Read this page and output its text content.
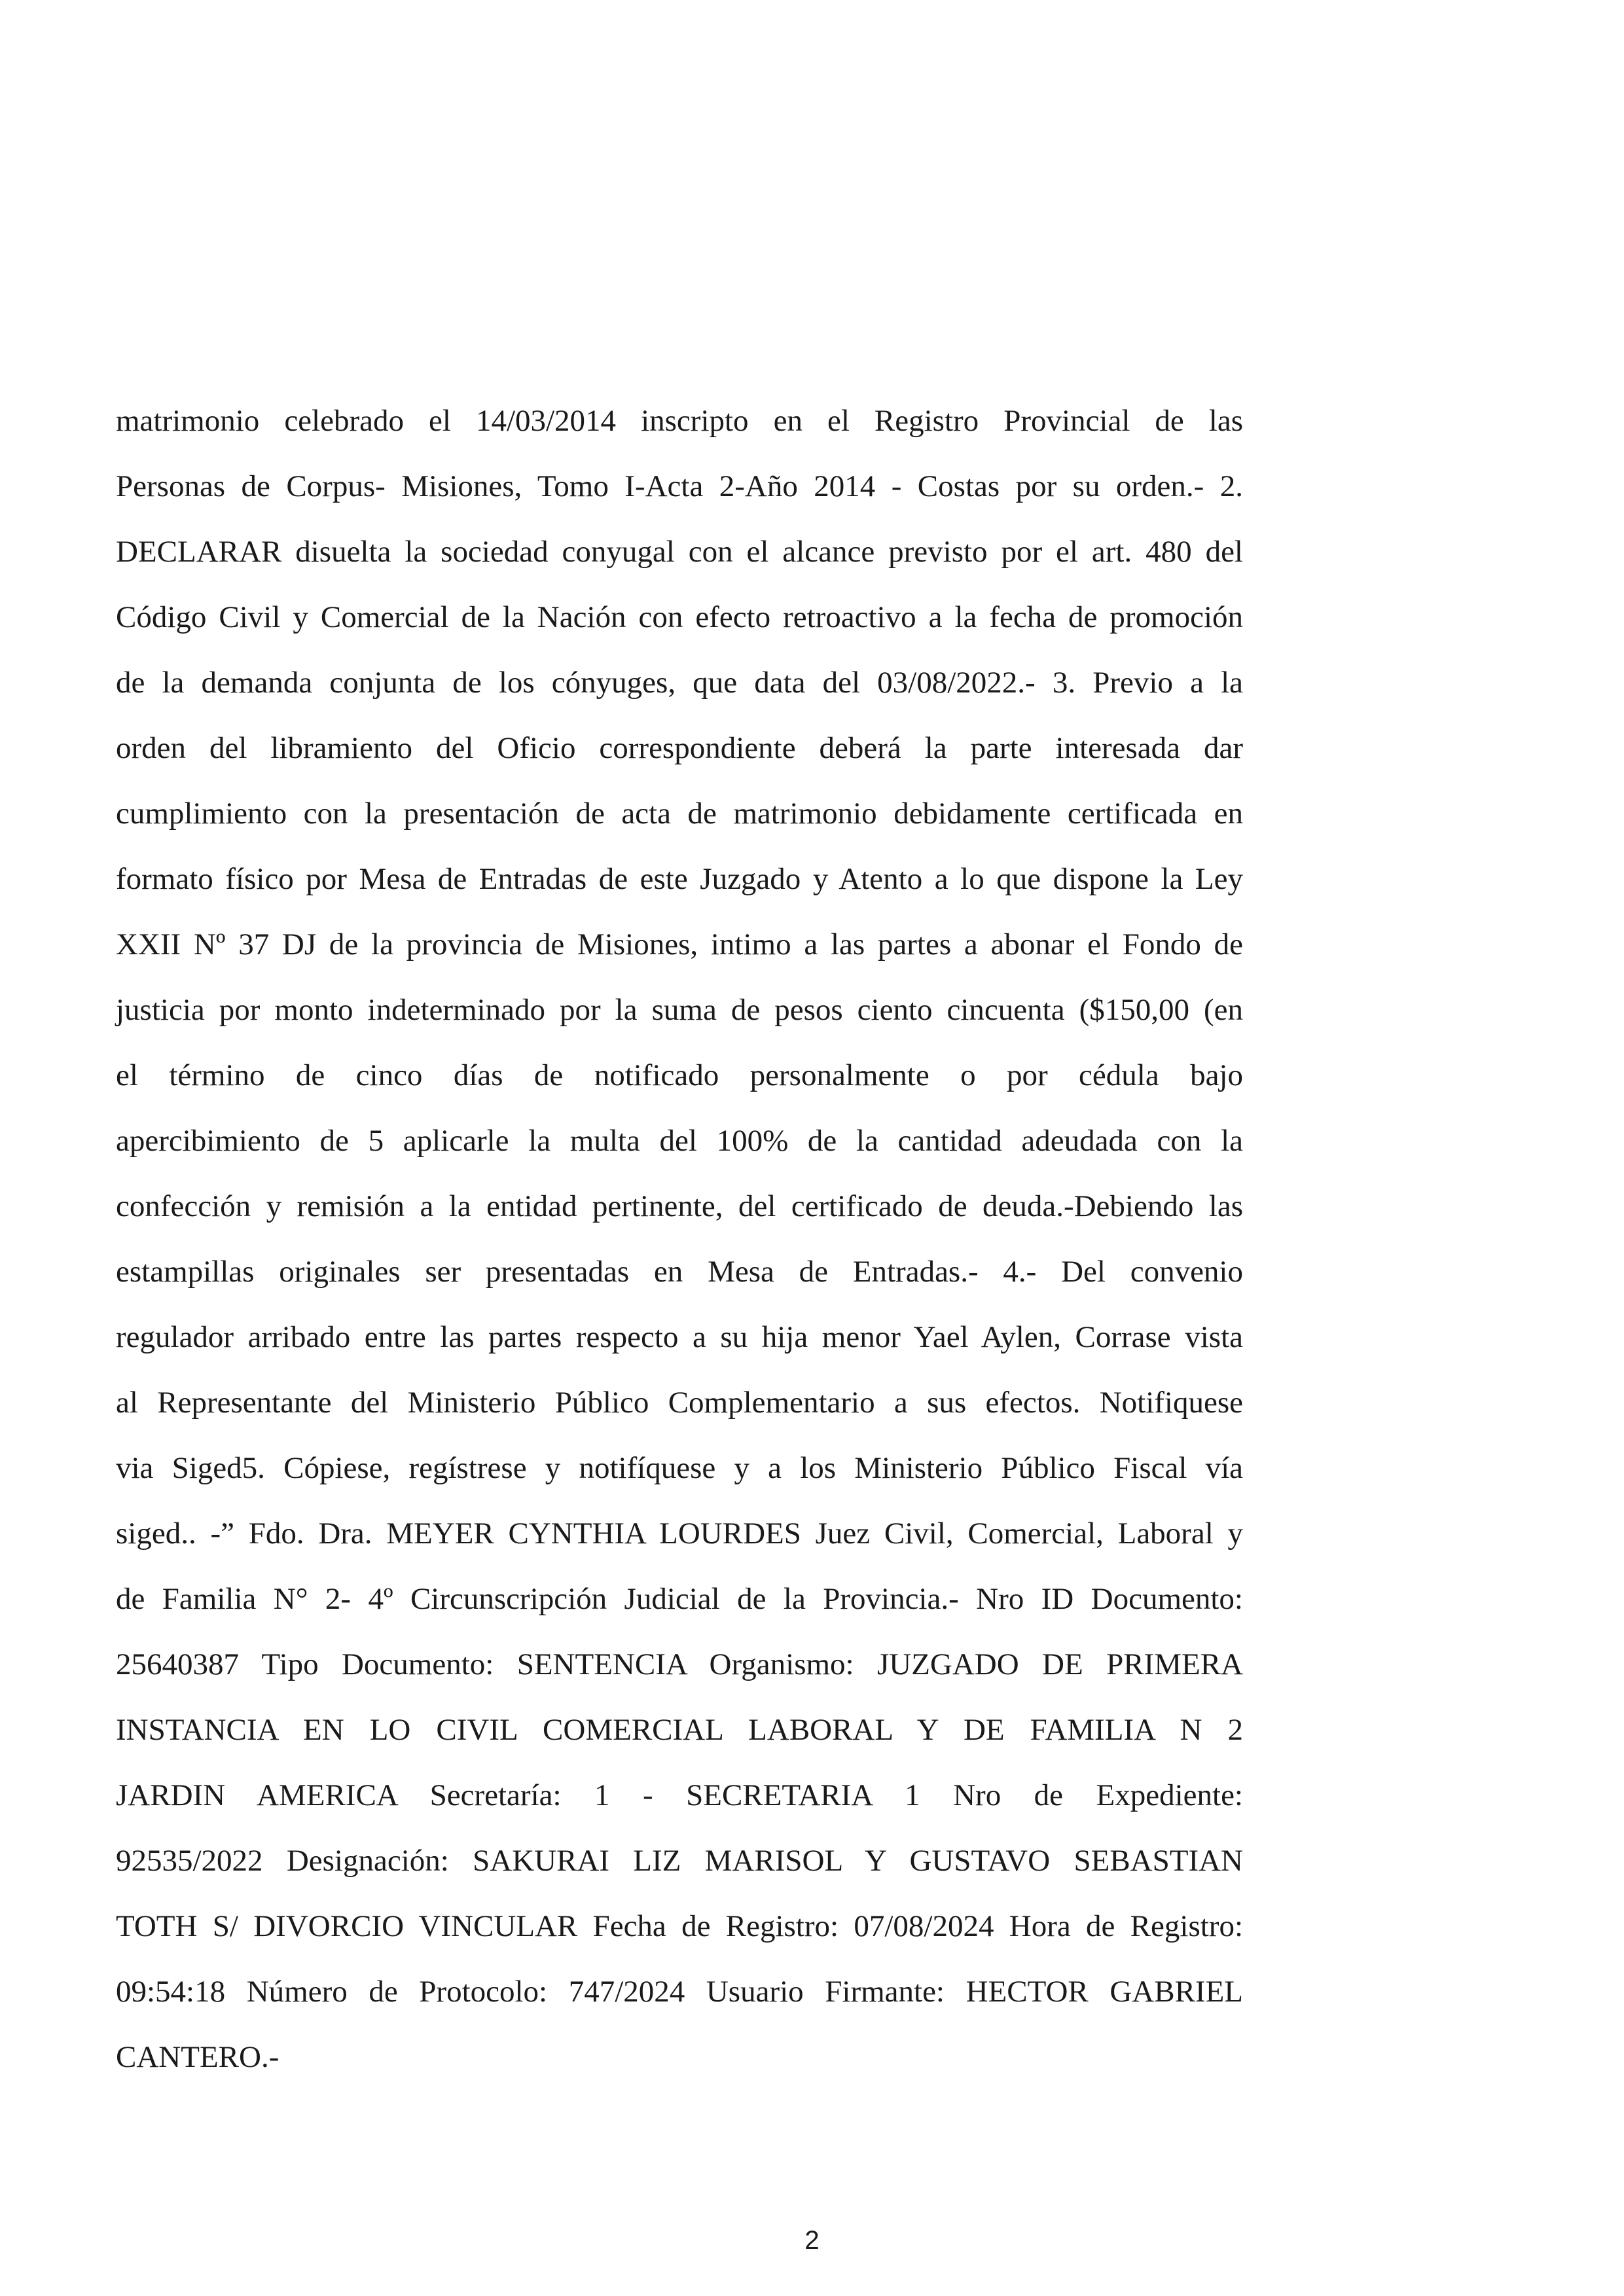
matrimonio celebrado el 14/03/2014 inscripto en el Registro Provincial de las
Personas de Corpus- Misiones, Tomo I-Acta 2-Año 2014 - Costas por su orden.- 2.
DECLARAR disuelta la sociedad conyugal con el alcance previsto por el art. 480 del
Código Civil y Comercial de la Nación con efecto retroactivo a la fecha de promoción
de la demanda conjunta de los cónyuges, que data del 03/08/2022.- 3. Previo a la
orden del libramiento del Oficio correspondiente deberá la parte interesada dar
cumplimiento con la presentación de acta de matrimonio debidamente certificada en
formato físico por Mesa de Entradas de este Juzgado y Atento a lo que dispone la Ley
XXII Nº 37 DJ de la provincia de Misiones, intimo a las partes a abonar el Fondo de
justicia por monto indeterminado por la suma de pesos ciento cincuenta ($150,00 (en
el término de cinco días de notificado personalmente o por cédula bajo
apercibimiento de 5 aplicarle la multa del 100% de la cantidad adeudada con la
confección y remisión a la entidad pertinente, del certificado de deuda.-Debiendo las
estampillas originales ser presentadas en Mesa de Entradas.- 4.- Del convenio
regulador arribado entre las partes respecto a su hija menor Yael Aylen, Corrase vista
al Representante del Ministerio Público Complementario a sus efectos. Notifiquese
via Siged5. Cópiese, regístrese y notifíquese y a los Ministerio Público Fiscal vía
siged.. -” Fdo. Dra. MEYER CYNTHIA LOURDES Juez Civil, Comercial, Laboral y
de Familia N° 2- 4º Circunscripción Judicial de la Provincia.- Nro ID Documento:
25640387 Tipo Documento: SENTENCIA Organismo: JUZGADO DE PRIMERA
INSTANCIA EN LO CIVIL COMERCIAL LABORAL Y DE FAMILIA N 2
JARDIN AMERICA Secretaría: 1 - SECRETARIA 1 Nro de Expediente:
92535/2022 Designación: SAKURAI LIZ MARISOL Y GUSTAVO SEBASTIAN
TOTH S/ DIVORCIO VINCULAR Fecha de Registro: 07/08/2024 Hora de Registro:
09:54:18 Número de Protocolo: 747/2024 Usuario Firmante: HECTOR GABRIEL
CANTERO.-
2
